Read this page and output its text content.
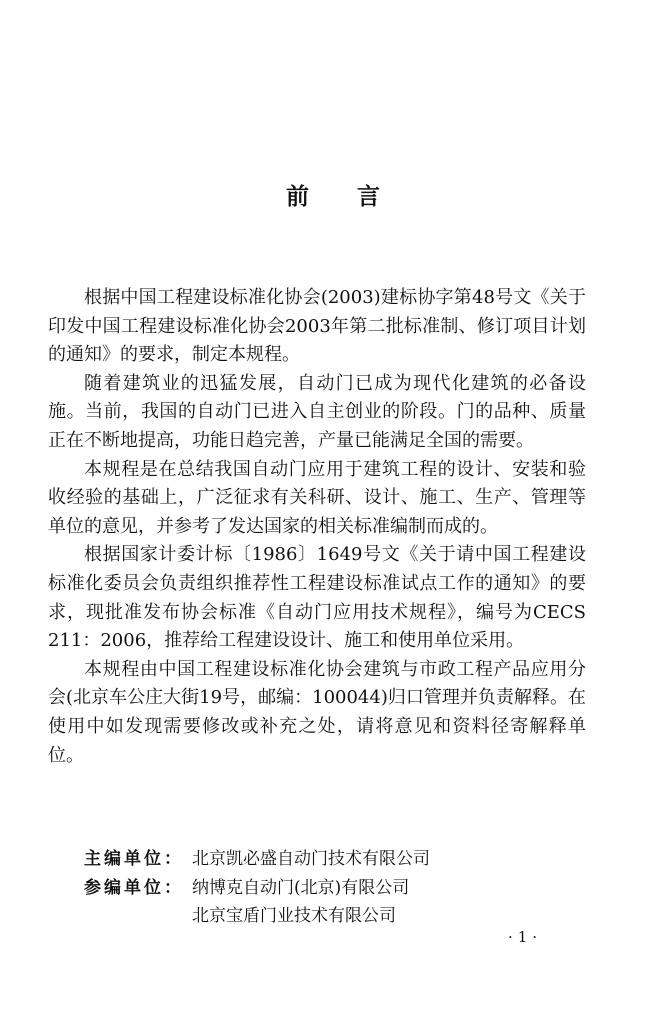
前言

根据中国工程建设标准化协会(2003)建标协字第48号文《关于印发中国工程建设标准化协会2003年第二批标准制、修订项目计划的通知》的要求，制定本规程。

随着建筑业的迅猛发展，自动门已成为现代化建筑的必备设施。当前，我国的自动门已进入自主创业的阶段。门的品种、质量正在不断地提高，功能日趋完善，产量已能满足全国的需要。

本规程是在总结我国自动门应用于建筑工程的设计、安装和验收经验的基础上，广泛征求有关科研、设计、施工、生产、管理等单位的意见，并参考了发达国家的相关标准编制而成的。

根据国家计委计标〔1986〕1649号文《关于请中国工程建设标准化委员会负责组织推荐性工程建设标准试点工作的通知》的要求，现批准发布协会标准《自动门应用技术规程》，编号为CECS 211：2006，推荐给工程建设设计、施工和使用单位采用。

本规程由中国工程建设标准化协会建筑与市政工程产品应用分会(北京车公庄大街19号，邮编：100044)归口管理并负责解释。在使用中如发现需要修改或补充之处，请将意见和资料径寄解释单位。

主编单位： 北京凯必盛自动门技术有限公司
参编单位： 纳博克自动门(北京)有限公司
北京宝盾门业技术有限公司
·1·
